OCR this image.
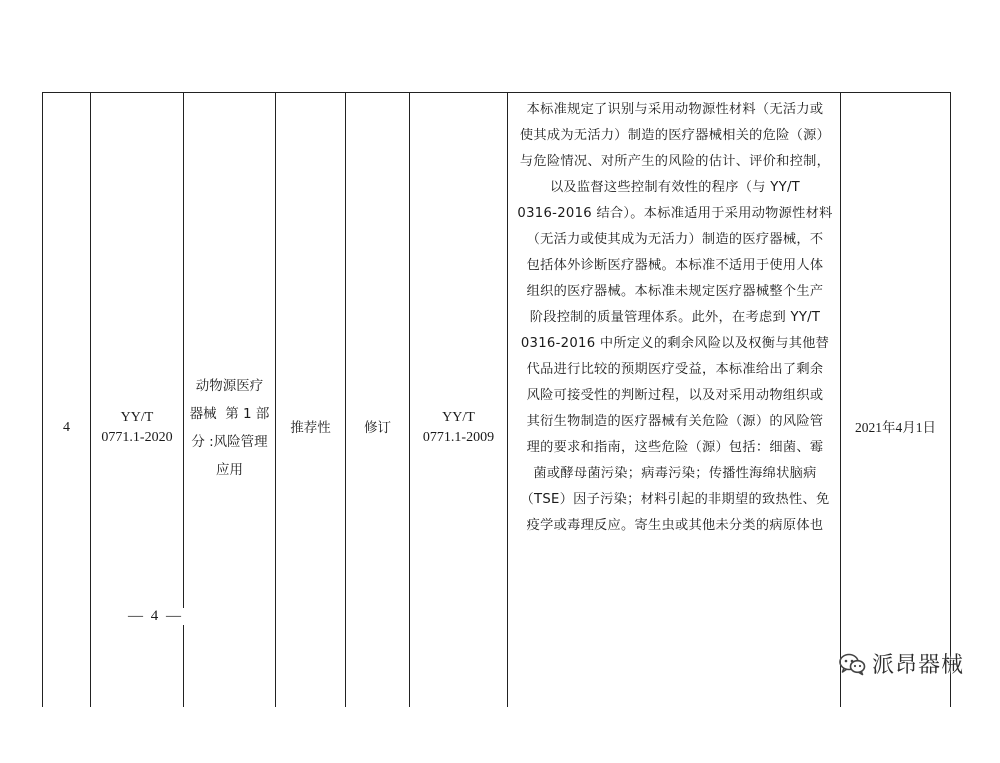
4
YY/T
0771.1-2020
动物源医疗
器械  第 1 部
分 :风险管理
应用
推荐性 修订
YY/T
0771.1-2009
本标准规定了识别与采用动物源性材料（无活力或
使其成为无活力）制造的医疗器械相关的危险（源）
与危险情况、对所产生的风险的估计、评价和控制，
以及监督这些控制有效性的程序（与 YY/T
0316-2016 结合）。本标准适用于采用动物源性材料
（无活力或使其成为无活力）制造的医疗器械，不
包括体外诊断医疗器械。本标准不适用于使用人体
组织的医疗器械。本标准未规定医疗器械整个生产
阶段控制的质量管理体系。此外，在考虑到 YY/T
0316-2016 中所定义的剩余风险以及权衡与其他替
代品进行比较的预期医疗受益，本标准给出了剩余
风险可接受性的判断过程，以及对采用动物组织或
其衍生物制造的医疗器械有关危险（源）的风险管
理的要求和指南，这些危险（源）包括：细菌、霉
菌或酵母菌污染；病毒污染；传播性海绵状脑病
（TSE）因子污染；材料引起的非期望的致热性、免
疫学或毒理反应。寄生虫或其他未分类的病原体也
2021年4月1日
— 4 —
派昂器械
